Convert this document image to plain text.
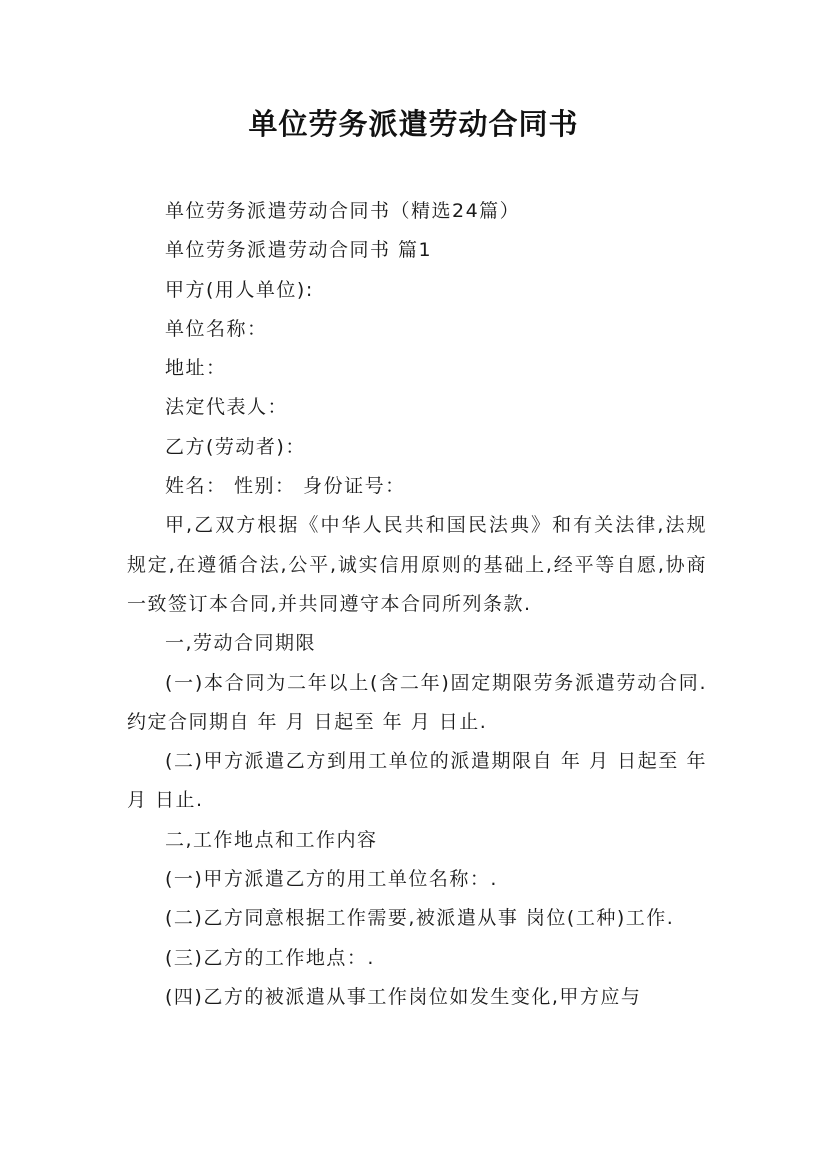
单位劳务派遣劳动合同书

单位劳务派遣劳动合同书（精选24篇）

单位劳务派遣劳动合同书 篇1

甲方(用人单位):

单位名称：

地址：

法定代表人：

乙方(劳动者)：

姓名： 性别： 身份证号：

甲,乙双方根据《中华人民共和国民法典》和有关法律,法规规定,在遵循合法,公平,诚实信用原则的基础上,经平等自愿,协商一致签订本合同,并共同遵守本合同所列条款.

一,劳动合同期限

(一)本合同为二年以上(含二年)固定期限劳务派遣劳动合同.约定合同期自 年 月 日起至 年 月 日止.

(二)甲方派遣乙方到用工单位的派遣期限自 年 月 日起至 年 月 日止.

二,工作地点和工作内容

(一)甲方派遣乙方的用工单位名称：.

(二)乙方同意根据工作需要,被派遣从事 岗位(工种)工作.

(三)乙方的工作地点：.

(四)乙方的被派遣从事工作岗位如发生变化,甲方应与
